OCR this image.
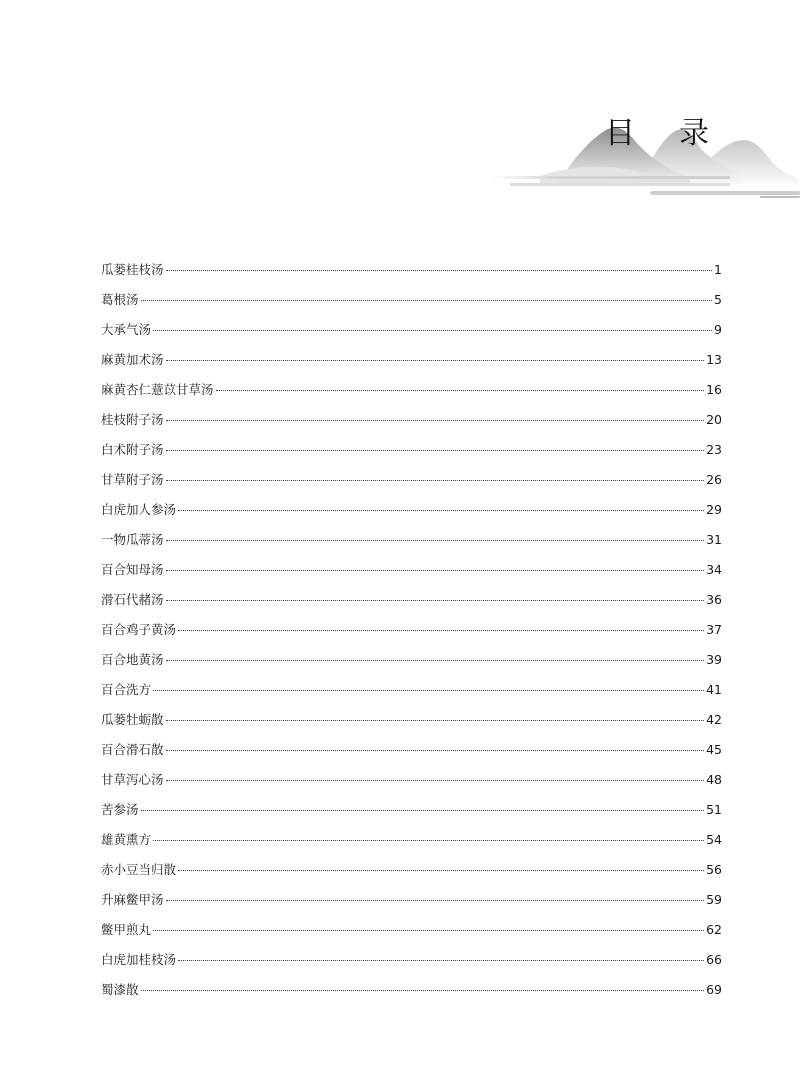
目录
瓜蒌桂枝汤	1
葛根汤	5
大承气汤	9
麻黄加术汤	13
麻黄杏仁薏苡甘草汤	16
桂枝附子汤	20
白术附子汤	23
甘草附子汤	26
白虎加人参汤	29
一物瓜蒂汤	31
百合知母汤	34
滑石代赭汤	36
百合鸡子黄汤	37
百合地黄汤	39
百合洗方	41
瓜蒌牡蛎散	42
百合滑石散	45
甘草泻心汤	48
苦参汤	51
雄黄熏方	54
赤小豆当归散	56
升麻鳖甲汤	59
鳖甲煎丸	62
白虎加桂枝汤	66
蜀漆散	69
